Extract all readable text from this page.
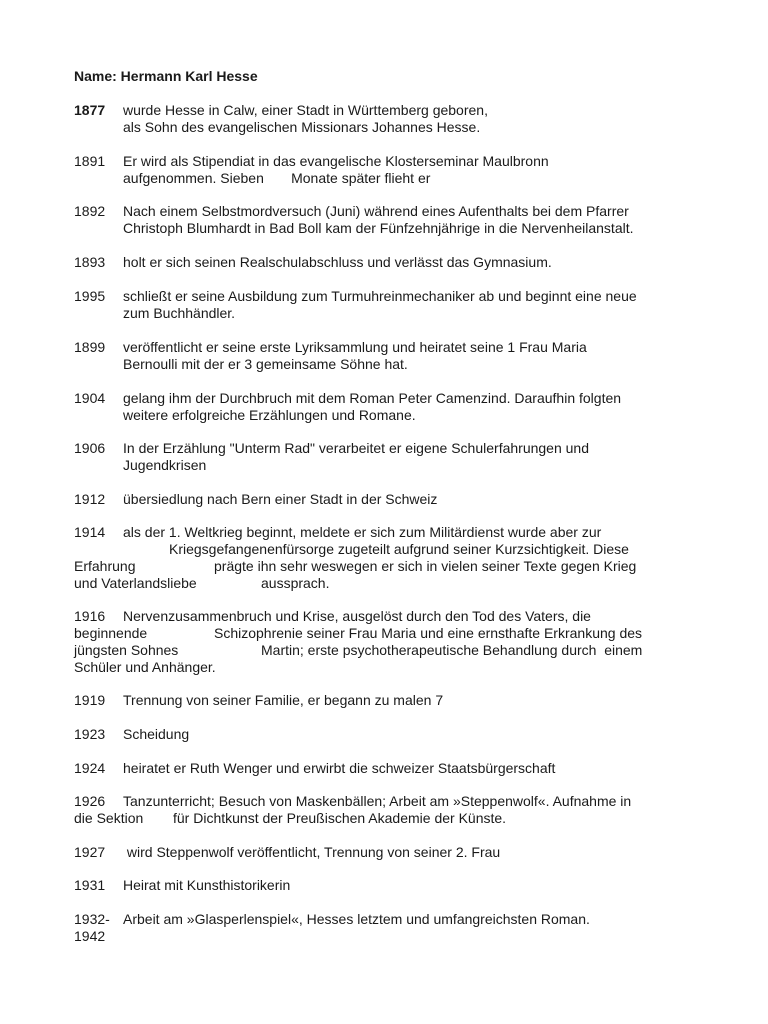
Name: Hermann Karl Hesse
1877 wurde Hesse in Calw, einer Stadt in Württemberg geboren,
als Sohn des evangelischen Missionars Johannes Hesse.
1891 Er wird als Stipendiat in das evangelische Klosterseminar Maulbronn
aufgenommen. Sieben       Monate später flieht er
1892 Nach einem Selbstmordversuch (Juni) während eines Aufenthalts bei dem Pfarrer
Christoph Blumhardt in Bad Boll kam der Fünfzehnjährige in die Nervenheilanstalt.
1893 holt er sich seinen Realschulabschluss und verlässt das Gymnasium.
1995 schließt er seine Ausbildung zum Turmuhreinmechaniker ab und beginnt eine neue
zum Buchhändler.
1899 veröffentlicht er seine erste Lyriksammlung und heiratet seine 1 Frau Maria
Bernoulli mit der er 3 gemeinsame Söhne hat.
1904 gelang ihm der Durchbruch mit dem Roman Peter Camenzind. Daraufhin folgten
weitere erfolgreiche Erzählungen und Romane.
1906 In der Erzählung "Unterm Rad" verarbeitet er eigene Schulerfahrungen und
Jugendkrisen
1912 übersiedlung nach Bern einer Stadt in der Schweiz
1914 als der 1. Weltkrieg beginnt, meldete er sich zum Militärdienst wurde aber zur
Kriegsgefangenenfürsorge zugeteilt aufgrund seiner Kurzsichtigkeit. Diese
Erfahrung	prägte ihn sehr weswegen er sich in vielen seiner Texte gegen Krieg
und Vaterlandsliebe	aussprach.
1916 Nervenzusammenbruch und Krise, ausgelöst durch den Tod des Vaters, die
beginnende	Schizophrenie seiner Frau Maria und eine ernsthafte Erkrankung des
jüngsten Sohnes	Martin; erste psychotherapeutische Behandlung durch  einem
Schüler und Anhänger.
1919 Trennung von seiner Familie, er begann zu malen 7
1923 Scheidung
1924 heiratet er Ruth Wenger und erwirbt die schweizer Staatsbürgerschaft
1926 Tanzunterricht; Besuch von Maskenbällen; Arbeit am »Steppenwolf«. Aufnahme in
die Sektion für Dichtkunst der Preußischen Akademie der Künste.
1927 wird Steppenwolf veröffentlicht, Trennung von seiner 2. Frau
1931 Heirat mit Kunsthistorikerin
1932- Arbeit am »Glasperlenspiel«, Hesses letztem und umfangreichsten Roman.
1942
